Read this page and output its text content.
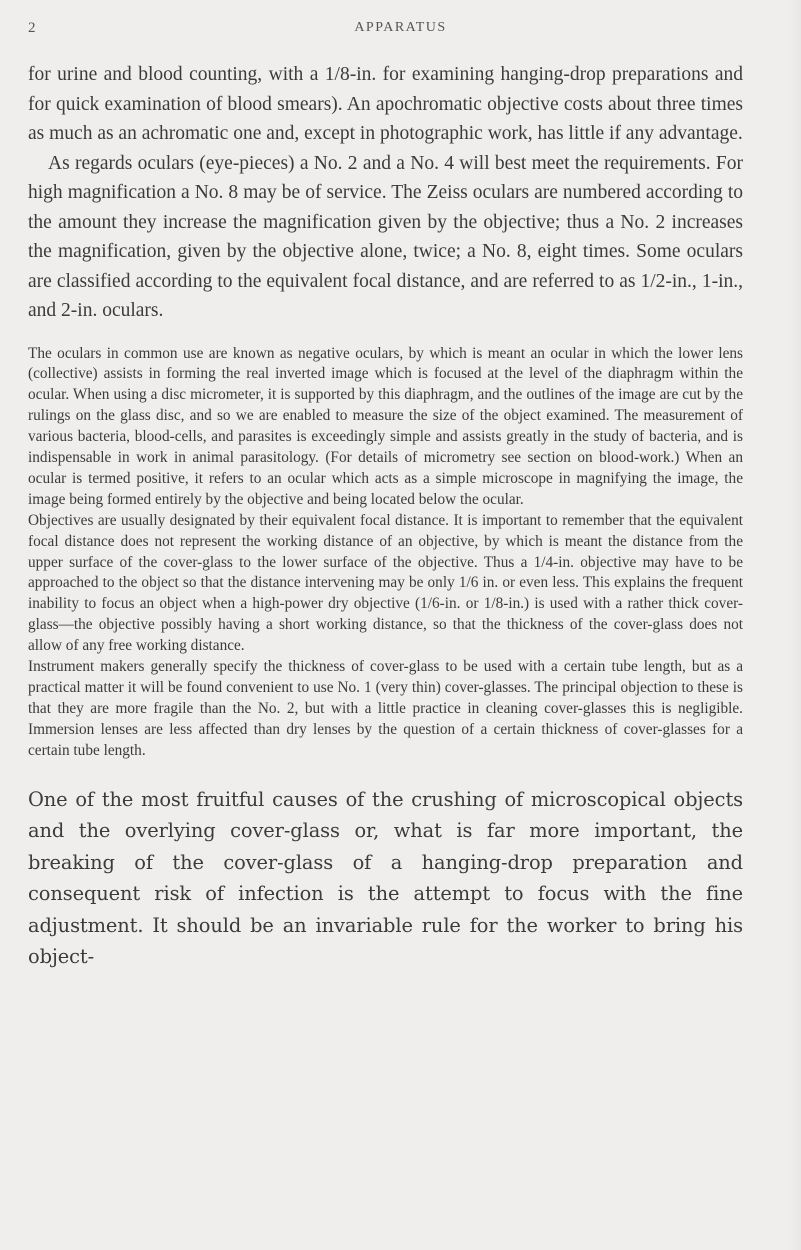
2	APPARATUS

for urine and blood counting, with a 1/8-in. for examining hanging-drop preparations and for quick examination of blood smears). An apochromatic objective costs about three times as much as an achromatic one and, except in photographic work, has little if any advantage.

As regards oculars (eye-pieces) a No. 2 and a No. 4 will best meet the requirements. For high magnification a No. 8 may be of service. The Zeiss oculars are numbered according to the amount they increase the magnification given by the objective; thus a No. 2 increases the magnification, given by the objective alone, twice; a No. 8, eight times. Some oculars are classified according to the equivalent focal distance, and are referred to as 1/2-in., 1-in., and 2-in. oculars.

The oculars in common use are known as negative oculars, by which is meant an ocular in which the lower lens (collective) assists in forming the real inverted image which is focused at the level of the diaphragm within the ocular. When using a disc micrometer, it is supported by this diaphragm, and the outlines of the image are cut by the rulings on the glass disc, and so we are enabled to measure the size of the object examined. The measurement of various bacteria, blood-cells, and parasites is exceedingly simple and assists greatly in the study of bacteria, and is indispensable in work in animal parasitology. (For details of micrometry see section on blood-work.) When an ocular is termed positive, it refers to an ocular which acts as a simple microscope in magnifying the image, the image being formed entirely by the objective and being located below the ocular.

Objectives are usually designated by their equivalent focal distance. It is important to remember that the equivalent focal distance does not represent the working distance of an objective, by which is meant the distance from the upper surface of the cover-glass to the lower surface of the objective. Thus a 1/4-in. objective may have to be approached to the object so that the distance intervening may be only 1/6 in. or even less. This explains the frequent inability to focus an object when a high-power dry objective (1/6-in. or 1/8-in.) is used with a rather thick cover-glass—the objective possibly having a short working distance, so that the thickness of the cover-glass does not allow of any free working distance.

Instrument makers generally specify the thickness of cover-glass to be used with a certain tube length, but as a practical matter it will be found convenient to use No. 1 (very thin) cover-glasses. The principal objection to these is that they are more fragile than the No. 2, but with a little practice in cleaning cover-glasses this is negligible. Immersion lenses are less affected than dry lenses by the question of a certain thickness of cover-glasses for a certain tube length.

One of the most fruitful causes of the crushing of microscopical objects and the overlying cover-glass or, what is far more important, the breaking of the cover-glass of a hanging-drop preparation and consequent risk of infection is the attempt to focus with the fine adjustment. It should be an invariable rule for the worker to bring his object-
